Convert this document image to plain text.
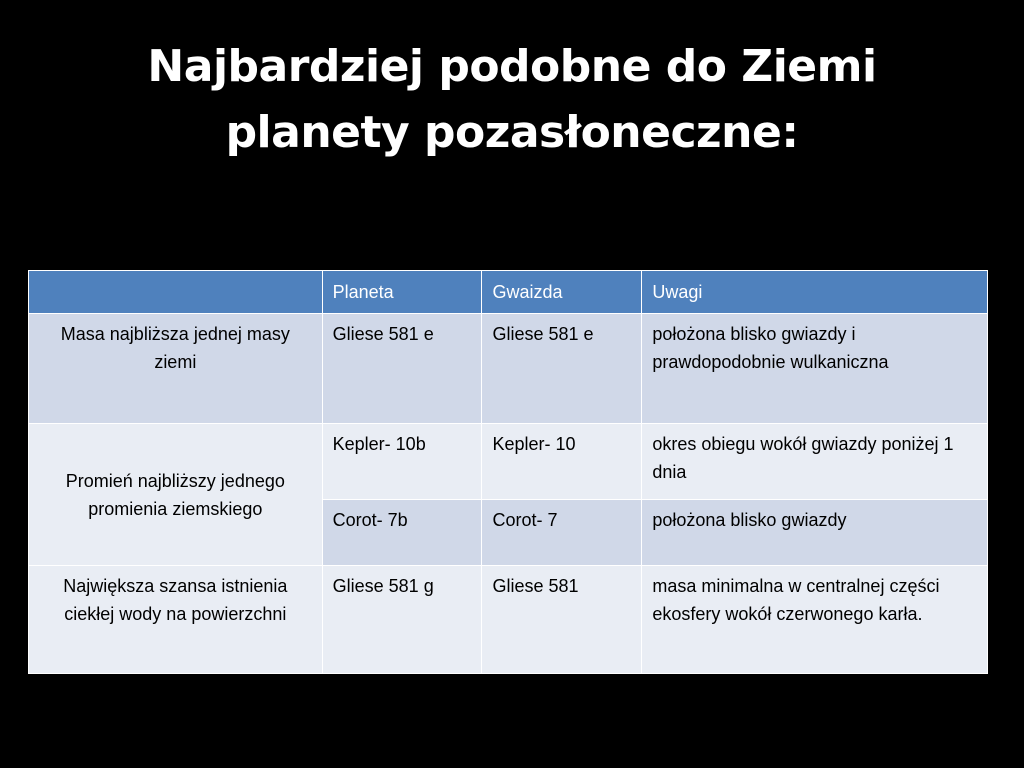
Najbardziej podobne do Ziemi
planety pozasłoneczne:
	Planeta	Gwaizda	Uwagi
Masa najbliższa jednej masy ziemi	Gliese 581 e	Gliese 581 e	położona blisko gwiazdy i prawdopodobnie wulkaniczna
Promień najbliższy jednego promienia ziemskiego	Kepler- 10b	Kepler- 10	okres obiegu wokół gwiazdy poniżej 1 dnia
	Corot- 7b	Corot- 7	położona blisko gwiazdy
Największa szansa istnienia ciekłej wody na powierzchni	Gliese 581 g	Gliese 581	masa minimalna w centralnej części ekosfery wokół czerwonego karła.
